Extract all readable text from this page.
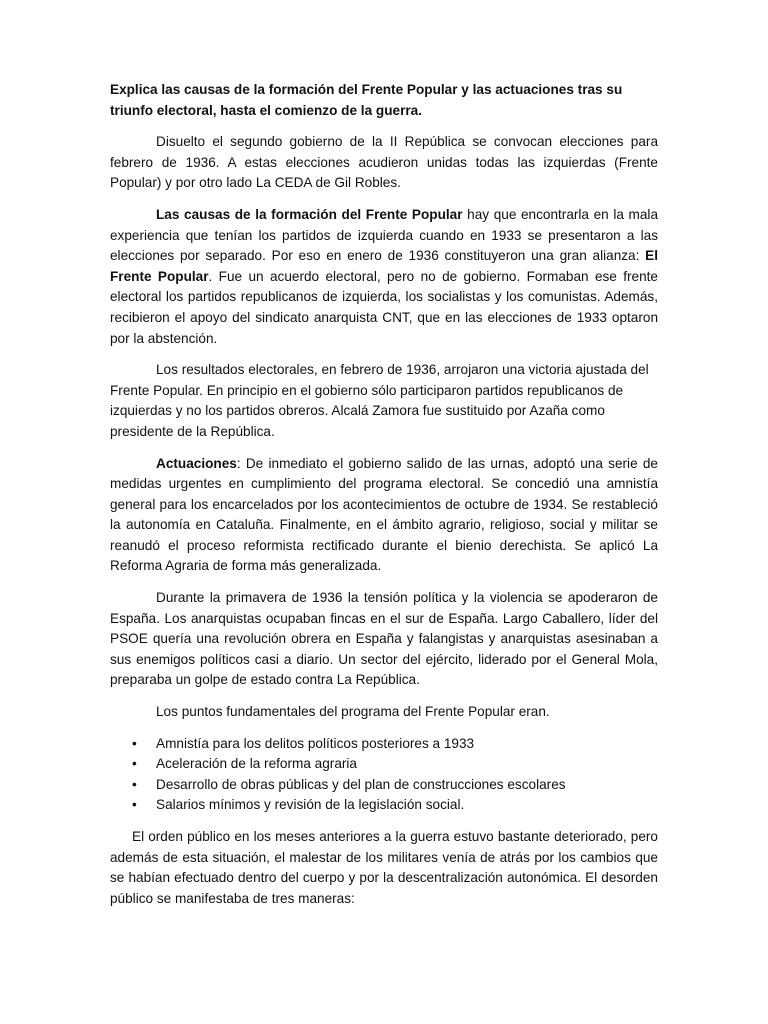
Explica las causas de la formación del Frente Popular y las actuaciones tras su triunfo electoral, hasta el comienzo de la guerra.

Disuelto el segundo gobierno de la II República se convocan elecciones para febrero de 1936. A estas elecciones acudieron unidas todas las izquierdas (Frente Popular) y por otro lado La CEDA de Gil Robles.

Las causas de la formación del Frente Popular hay que encontrarla en la mala experiencia que tenían los partidos de izquierda cuando en 1933 se presentaron a las elecciones por separado. Por eso en enero de 1936 constituyeron una gran alianza: El Frente Popular. Fue un acuerdo electoral, pero no de gobierno. Formaban ese frente electoral los partidos republicanos de izquierda, los socialistas y los comunistas. Además, recibieron el apoyo del sindicato anarquista CNT, que en las elecciones de 1933 optaron por la abstención.

Los resultados electorales, en febrero de 1936, arrojaron una victoria ajustada del Frente Popular. En principio en el gobierno sólo participaron partidos republicanos de izquierdas y no los partidos obreros. Alcalá Zamora fue sustituido por Azaña como presidente de la República.

Actuaciones: De inmediato el gobierno salido de las urnas, adoptó una serie de medidas urgentes en cumplimiento del programa electoral. Se concedió una amnistía general para los encarcelados por los acontecimientos de octubre de 1934. Se restableció la autonomía en Cataluña. Finalmente, en el ámbito agrario, religioso, social y militar se reanudó el proceso reformista rectificado durante el bienio derechista. Se aplicó La Reforma Agraria de forma más generalizada.

Durante la primavera de 1936 la tensión política y la violencia se apoderaron de España. Los anarquistas ocupaban fincas en el sur de España. Largo Caballero, líder del PSOE quería una revolución obrera en España y falangistas y anarquistas asesinaban a sus enemigos políticos casi a diario. Un sector del ejército, liderado por el General Mola, preparaba un golpe de estado contra La República.

Los puntos fundamentales del programa del Frente Popular eran.

• Amnistía para los delitos políticos posteriores a 1933
• Aceleración de la reforma agraria
• Desarrollo de obras públicas y del plan de construcciones escolares
• Salarios mínimos y revisión de la legislación social.

El orden público en los meses anteriores a la guerra estuvo bastante deteriorado, pero además de esta situación, el malestar de los militares venía de atrás por los cambios que se habían efectuado dentro del cuerpo y por la descentralización autonómica. El desorden público se manifestaba de tres maneras:
